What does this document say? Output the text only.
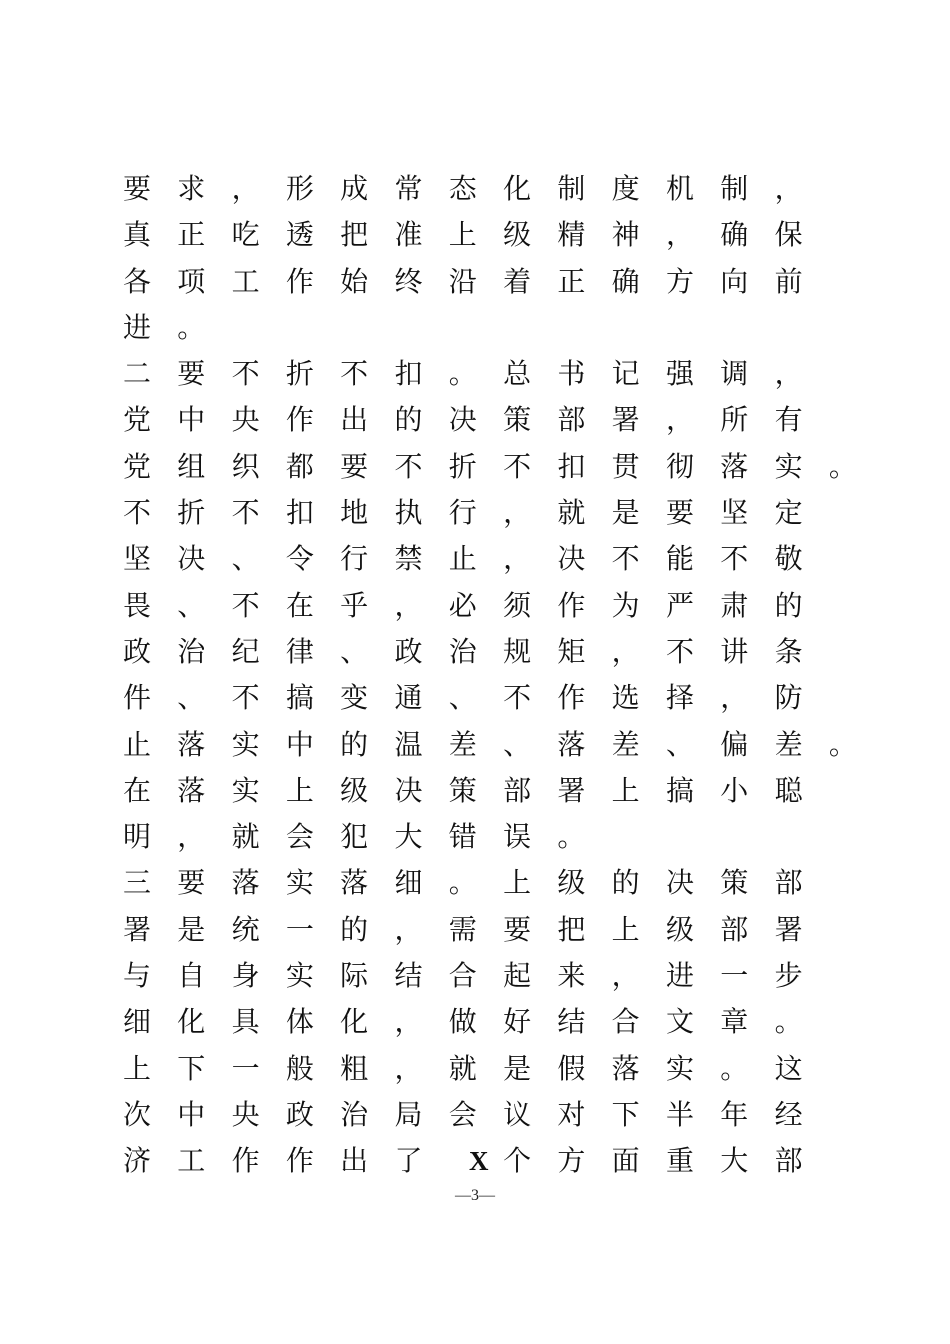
要 求 ， 形 成 常 态 化 制 度 机 制 ，
真 正 吃 透 把 准 上 级 精 神 ， 确 保
各 项 工 作 始 终 沿 着 正 确 方 向 前
进 。
二 要 不 折 不 扣 。 总 书 记 强 调 ，
党 中 央 作 出 的 决 策 部 署 ， 所 有
党 组 织 都 要 不 折 不 扣 贯 彻 落 实 。
不 折 不 扣 地 执 行 ， 就 是 要 坚 定
坚 决 、 令 行 禁 止 ， 决 不 能 不 敬
畏 、 不 在 乎 ， 必 须 作 为 严 肃 的
政 治 纪 律 、 政 治 规 矩 ， 不 讲 条
件 、 不 搞 变 通 、 不 作 选 择 ， 防
止 落 实 中 的 温 差 、 落 差 、 偏 差 。
在 落 实 上 级 决 策 部 署 上 搞 小 聪
明 ， 就 会 犯 大 错 误 。
三 要 落 实 落 细 。 上 级 的 决 策 部
署 是 统 一 的 ， 需 要 把 上 级 部 署
与 自 身 实 际 结 合 起 来 ， 进 一 步
细 化 具 体 化 ， 做 好 结 合 文 章 。
上 下 一 般 粗 ， 就 是 假 落 实 。 这
次 中 央 政 治 局 会 议 对 下 半 年 经
济 工 作 作 出 了 X 个 方 面 重 大 部
—3—
